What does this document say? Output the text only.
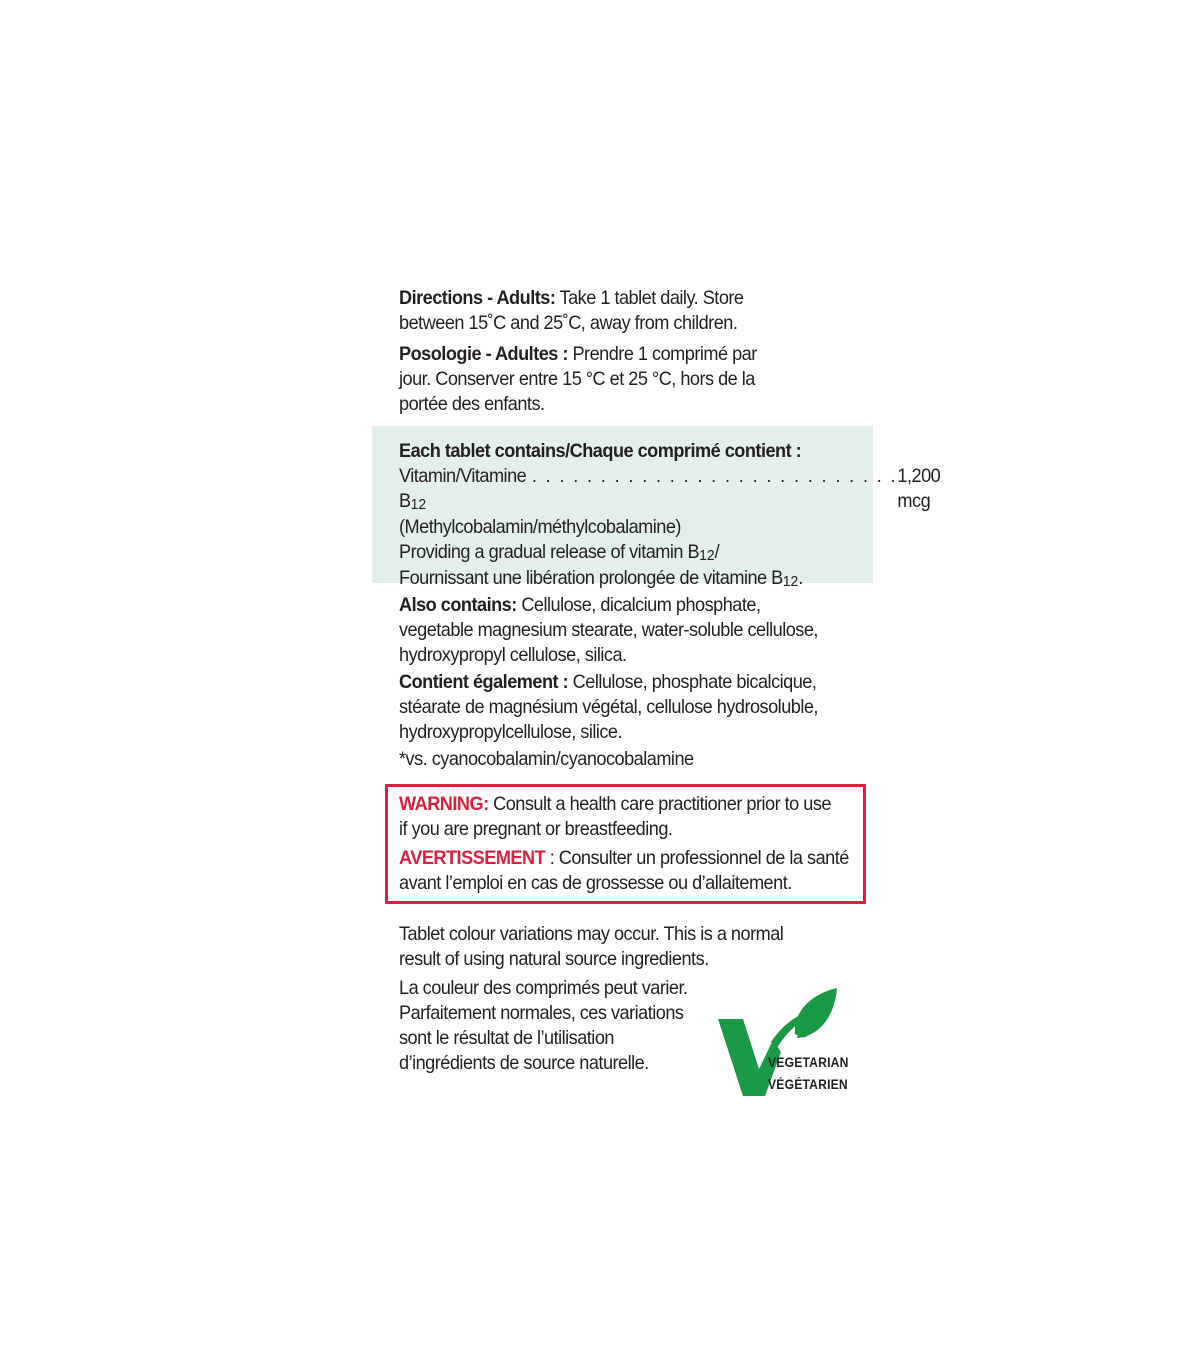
Directions - Adults: Take 1 tablet daily. Store
between 15˚C and 25˚C, away from children.

Posologie - Adultes : Prendre 1 comprimé par
jour. Conserver entre 15 °C et 25 °C, hors de la
portée des enfants.

Each tablet contains/Chaque comprimé contient :

Vitamin/Vitamine B12
. . . . . . . . . . . . . . . . . . . . . . . . . . . 1,200 mcg
(Methylcobalamin/méthylcobalamine)
Providing a gradual release of vitamin B12/
Fournissant une libération prolongée de vitamine B12.

Also contains: Cellulose, dicalcium phosphate,
vegetable magnesium stearate, water-soluble cellulose,
hydroxypropyl cellulose, silica.

Contient également : Cellulose, phosphate bicalcique,
stéarate de magnésium végétal, cellulose hydrosoluble,
hydroxypropylcellulose, silice.

*vs. cyanocobalamin/cyanocobalamine

WARNING: Consult a health care practitioner prior to use
if you are pregnant or breastfeeding.

AVERTISSEMENT : Consulter un professionnel de la santé
avant l’emploi en cas de grossesse ou d’allaitement.

Tablet colour variations may occur. This is a normal
result of using natural source ingredients.

La couleur des comprimés peut varier.
Parfaitement normales, ces variations
sont le résultat de l’utilisation
d’ingrédients de source naturelle.	VEGETARIAN
VÉGÉTARIEN
